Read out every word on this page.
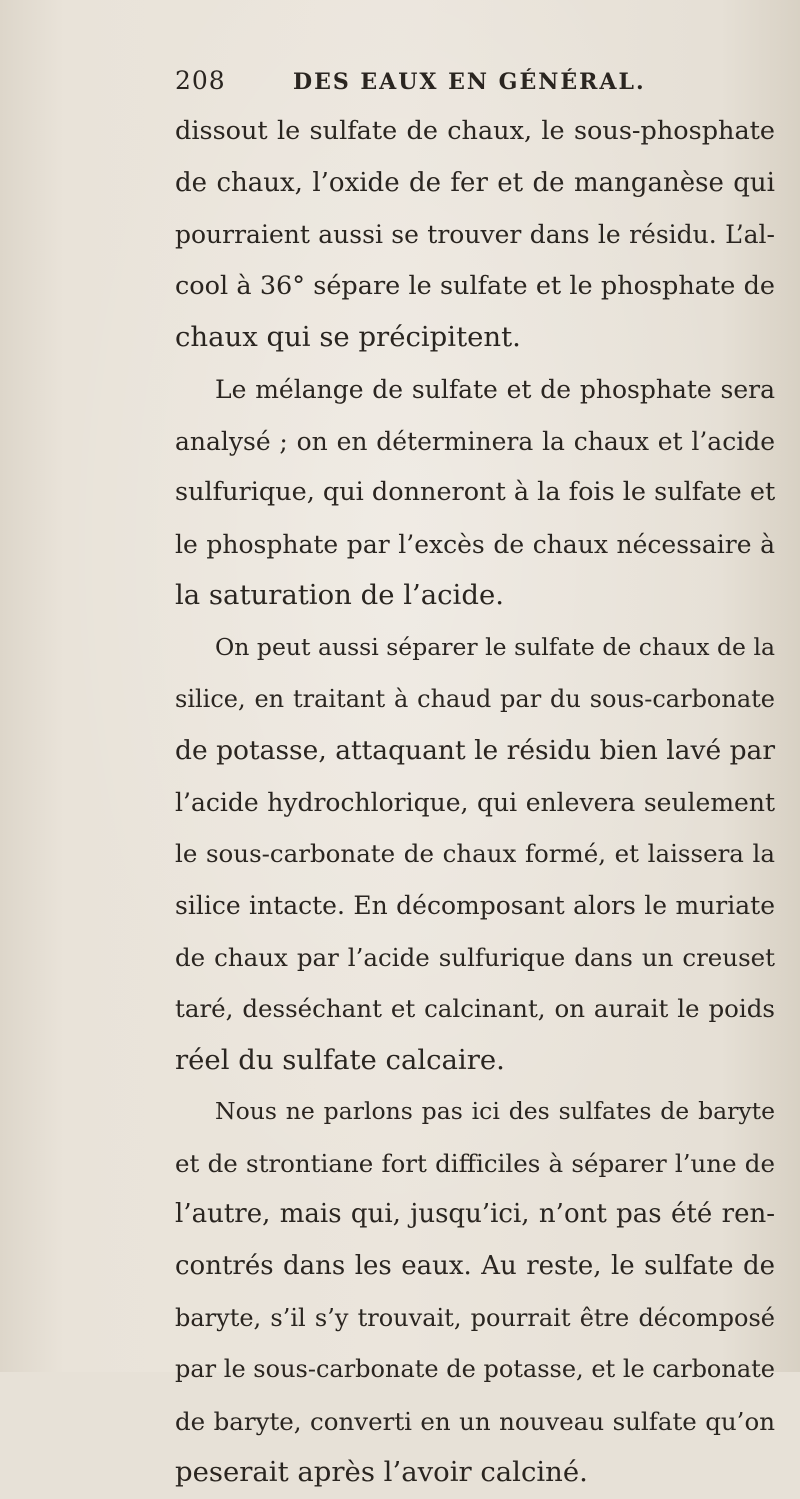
208	DES EAUX EN GÉNÉRAL.
dissout le sulfate de chaux, le sous-phosphate
de chaux, l’oxide de fer et de manganèse qui
pourraient aussi se trouver dans le résidu. L’al-
cool à 36° sépare le sulfate et le phosphate de
chaux qui se précipitent.
Le mélange de sulfate et de phosphate sera
analysé ; on en déterminera la chaux et l’acide
sulfurique, qui donneront à la fois le sulfate et
le phosphate par l’excès de chaux nécessaire à
la saturation de l’acide.
On peut aussi séparer le sulfate de chaux de la
silice, en traitant à chaud par du sous-carbonate
de potasse, attaquant le résidu bien lavé par
l’acide hydrochlorique, qui enlevera seulement
le sous-carbonate de chaux formé, et laissera la
silice intacte. En décomposant alors le muriate
de chaux par l’acide sulfurique dans un creuset
taré, desséchant et calcinant, on aurait le poids
réel du sulfate calcaire.
Nous ne parlons pas ici des sulfates de baryte
et de strontiane fort difficiles à séparer l’une de
l’autre, mais qui, jusqu’ici, n’ont pas été ren-
contrés dans les eaux. Au reste, le sulfate de
baryte, s’il s’y trouvait, pourrait être décomposé
par le sous-carbonate de potasse, et le carbonate
de baryte, converti en un nouveau sulfate qu’on
peserait après l’avoir calciné.
